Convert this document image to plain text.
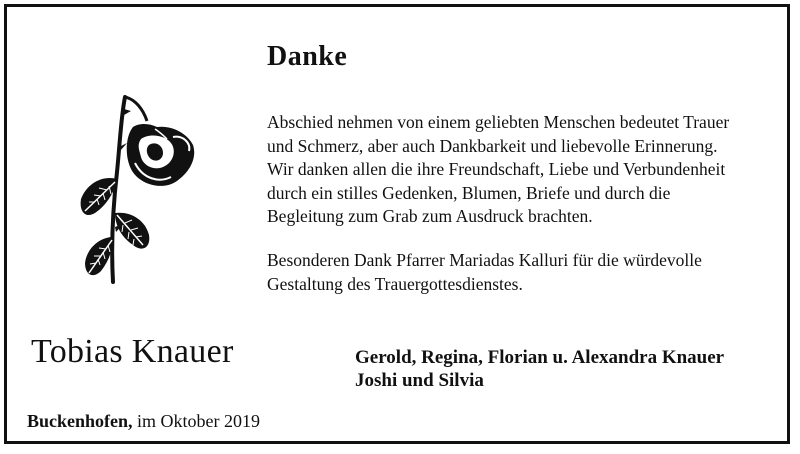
Danke
Abschied nehmen von einem geliebten Menschen bedeutet Trauer
und Schmerz, aber auch Dankbarkeit und liebevolle Erinnerung.
Wir danken allen die ihre Freundschaft, Liebe und Verbundenheit
durch ein stilles Gedenken, Blumen, Briefe und durch die
Begleitung zum Grab zum Ausdruck brachten.
Besonderen Dank Pfarrer Mariadas Kalluri für die würdevolle
Gestaltung des Trauergottesdienstes.
Tobias Knauer	Gerold, Regina, Florian u. Alexandra Knauer
Joshi und Silvia
Buckenhofen, im Oktober 2019
